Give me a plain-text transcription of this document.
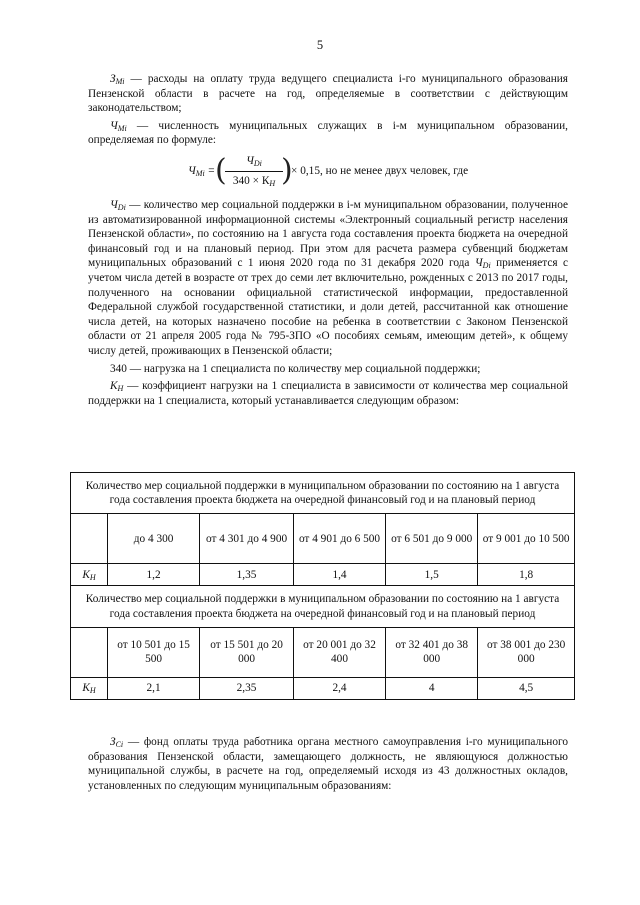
5

$З_{Mi}$ — расходы на оплату труда ведущего специалиста i-го муниципального образования Пензенской области в расчете на год, определяемые в соответствии с действующим законодательством;

$Ч_{Mi}$ — численность муниципальных служащих в i-м муниципальном образовании, определяемая по формуле:

$Ч_{Mi}$ = (	$Ч_{Di}$
$340 \times К_H$ )
× 0,15, но не менее двух человек, где

$Ч_{Di}$ — количество мер социальной поддержки в i-м муниципальном образовании, полученное из автоматизированной информационной системы «Электронный социальный регистр населения Пензенской области», по состоянию на 1 августа года составления проекта бюджета на очередной финансовый год и на плановый период. При этом для расчета размера субвенций бюджетам муниципальных образований с 1 июня 2020 года по 31 декабря 2020 года $Ч_{Di}$ применяется с учетом числа детей в возрасте от трех до семи лет включительно, рожденных с 2013 по 2017 годы, полученного на основании официальной статистической информации, предоставленной Федеральной службой государственной статистики, и доли детей, рассчитанной как отношение числа детей, на которых назначено пособие на ребенка в соответствии с Законом Пензенской области от 21 апреля 2005 года № 795-ЗПО «О пособиях семьям, имеющим детей», к общему числу детей, проживающих в Пензенской области;

340 — нагрузка на 1 специалиста по количеству мер социальной поддержки;

$К_Н$ — коэффициент нагрузки на 1 специалиста в зависимости от количества мер социальной поддержки на 1 специалиста, который устанавливается следующим образом:

Количество мер социальной поддержки в муниципальном образовании по состоянию на 1 августа года составления проекта бюджета на очередной финансовый год и на плановый период					
	до 4 300	от 4 301 до 4 900	от 4 901 до 6 500	от 6 501 до 9 000	от 9 001 до 10 500
$К_Н$	1,2	1,35	1,4	1,5	1,8
Количество мер социальной поддержки в муниципальном образовании по состоянию на 1 августа года составления проекта бюджета на очередной финансовый год и на плановый период					
	от 10 501 до 15 500	от 15 501 до 20 000	от 20 001 до 32 400	от 32 401 до 38 000	от 38 001 до 230 000
$К_Н$	2,1	2,35	2,4	4	4,5

$З_{Ci}$ — фонд оплаты труда работника органа местного самоуправления i-го муниципального образования Пензенской области, замещающего должность, не являющуюся должностью муниципальной службы, в расчете на год, определяемый исходя из 43 должностных окладов, установленных по следующим муниципальным образованиям:
